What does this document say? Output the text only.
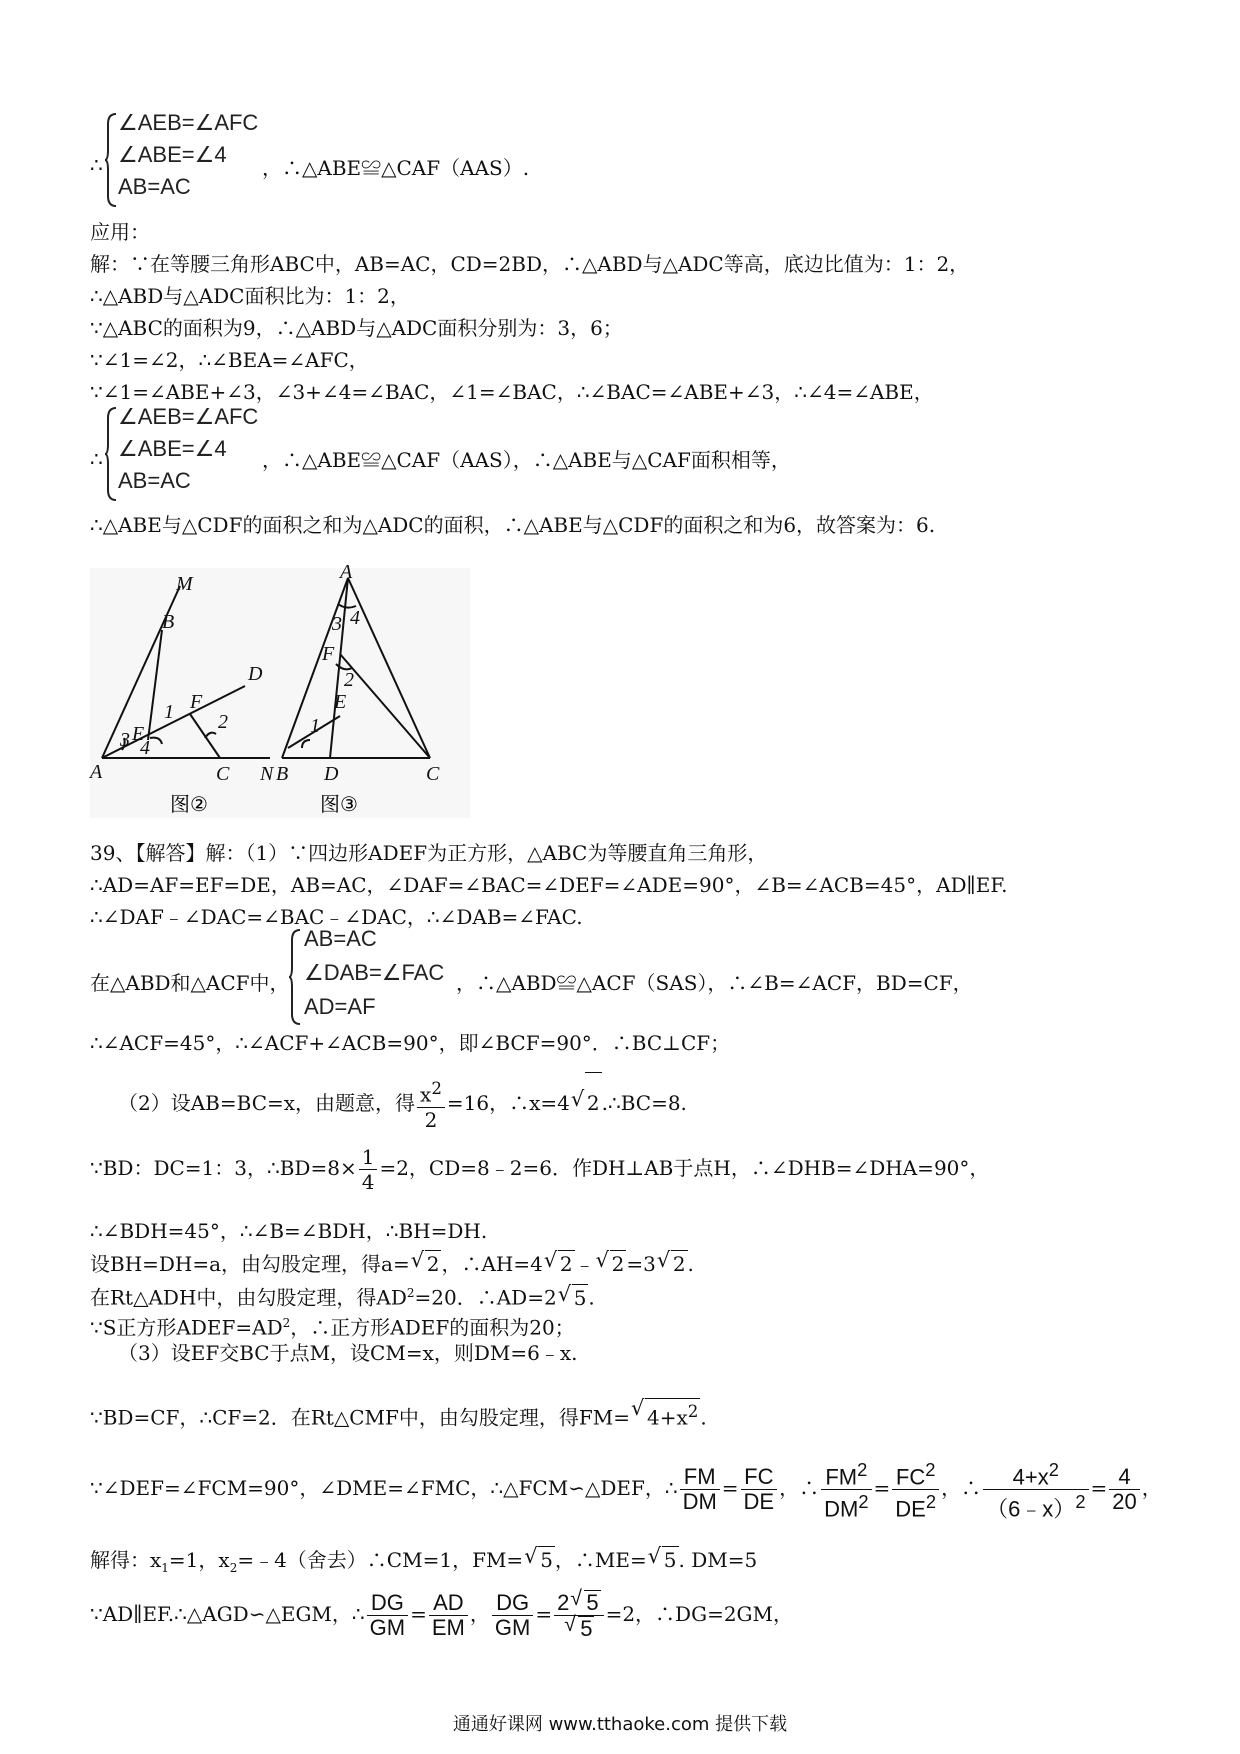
∴
∠AEB=∠AFC
∠ABE=∠4
AB=AC
，∴△ABE≌△CAF（AAS）.
应用：
解：∵在等腰三角形ABC中，AB=AC，CD=2BD，∴△ABD与△ADC等高，底边比值为：1：2，
∴△ABD与△ADC面积比为：1：2，
∵△ABC的面积为9，∴△ABD与△ADC面积分别为：3，6；
∵∠1=∠2，∴∠BEA=∠AFC，
∵∠1=∠ABE+∠3，∠3+∠4=∠BAC，∠1=∠BAC，∴∠BAC=∠ABE+∠3，∴∠4=∠ABE，
∴
∠AEB=∠AFC
∠ABE=∠4
AB=AC
，∴△ABE≌△CAF（AAS），∴△ABE与△CAF面积相等，
∴△ABE与△CDF的面积之和为△ADC的面积，∴△ABE与△CDF的面积之和为6，故答案为：6.
M
B
D
F
E
3
1
4
2
A	C N
图②
A
3 4
F
2
E
1
B D	C
图③
39、【解答】解：（1）∵四边形ADEF为正方形，△ABC为等腰直角三角形，
∴AD=AF=EF=DE，AB=AC，∠DAF=∠BAC=∠DEF=∠ADE=90°，∠B=∠ACB=45°，AD∥EF.
∴∠DAF﹣∠DAC=∠BAC﹣∠DAC，∴∠DAB=∠FAC.
在△ABD和△ACF中，
AB=AC
∠DAB=∠FAC
AD=AF
，∴△ABD≌△ACF（SAS），∴∠B=∠ACF，BD=CF，
∴∠ACF=45°，∴∠ACF+∠ACB=90°，即∠BCF=90°．∴BC⊥CF；
（2）设AB=BC=x，由题意，得 $\frac{x^2}{2} =16$，∴x=4√ 2 .∴BC=8.
∵BD：DC=1：3，∴BD=8× $\frac{1}{4} =2$，CD=8﹣2=6．作DH⊥AB于点H，∴∠DHB=∠DHA=90°，
∴∠BDH=45°，∴∠B=∠BDH，∴BH=DH.
设BH=DH=a，由勾股定理，得a=√ 2 ，∴AH=4√ 2 ﹣√ 2 =3√ 2 .
在Rt△ADH中，由勾股定理，得$AD^2=20$．∴AD=2√ 5 .
∵S正方形$ADEF=AD^2$，∴正方形ADEF的面积为20；
（3）设EF交BC于点M，设CM=x，则DM=6﹣x.
∵BD=CF，∴CF=2．在Rt△CMF中，由勾股定理，得FM=√ $4+x^2$ .
∵∠DEF=∠FCM=90°，∠DME=∠FMC，∴△FCM∽△DEF，∴ $\frac{FM}{DM} = \frac{FC}{DE}$ ，∴ $\frac{FM^2}{DM^2} = \frac{FC^2}{DE^2}$ ，∴ $\frac{4+x^2}{(6﹣x)^2} = \frac{4}{20}$ ，
解得：$x_1=1$，$x_2=﹣4$（舍去）∴CM=1，FM=√ 5 ，∴ME=√ 5 . DM=5
∵AD∥EF.∴△AGD∽△EGM，∴ $\frac{DG}{GM} = \frac{AD}{EM}$ ， $\frac{DG}{GM} = 2√$ 5
√ 5 =2，∴DG=2GM，
通通好课网 www.tthaoke.com 提供下载
